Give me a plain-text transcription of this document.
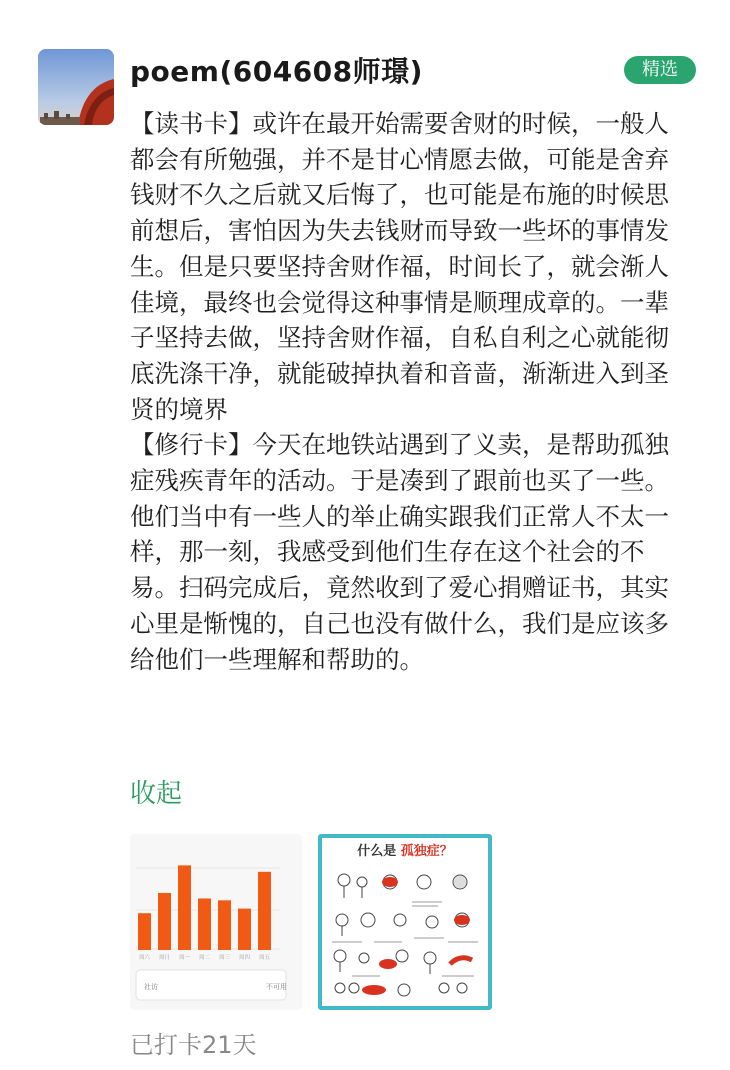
poem(604608师璟)	精选

【读书卡】或许在最开始需要舍财的时候，一般人都会有所勉强，并不是甘心情愿去做，可能是舍弃钱财不久之后就又后悔了，也可能是布施的时候思前想后，害怕因为失去钱财而导致一些坏的事情发生。但是只要坚持舍财作福，时间长了，就会渐人佳境，最终也会觉得这种事情是顺理成章的。一辈子坚持去做，坚持舍财作福，自私自利之心就能彻底洗涤干净，就能破掉执着和音啬，渐渐进入到圣贤的境界

【修行卡】今天在地铁站遇到了义卖，是帮助孤独症残疾青年的活动。于是凑到了跟前也买了一些。他们当中有一些人的举止确实跟我们正常人不太一样，那一刻，我感受到他们生存在这个社会的不易。扫码完成后，竟然收到了爱心捐赠证书，其实心里是惭愧的，自己也没有做什么，我们是应该多给他们一些理解和帮助的。

收起
社访	不可用
周六 周日 周一 周二 周三 周四 周五
什么是 孤独症？
已打卡21天
